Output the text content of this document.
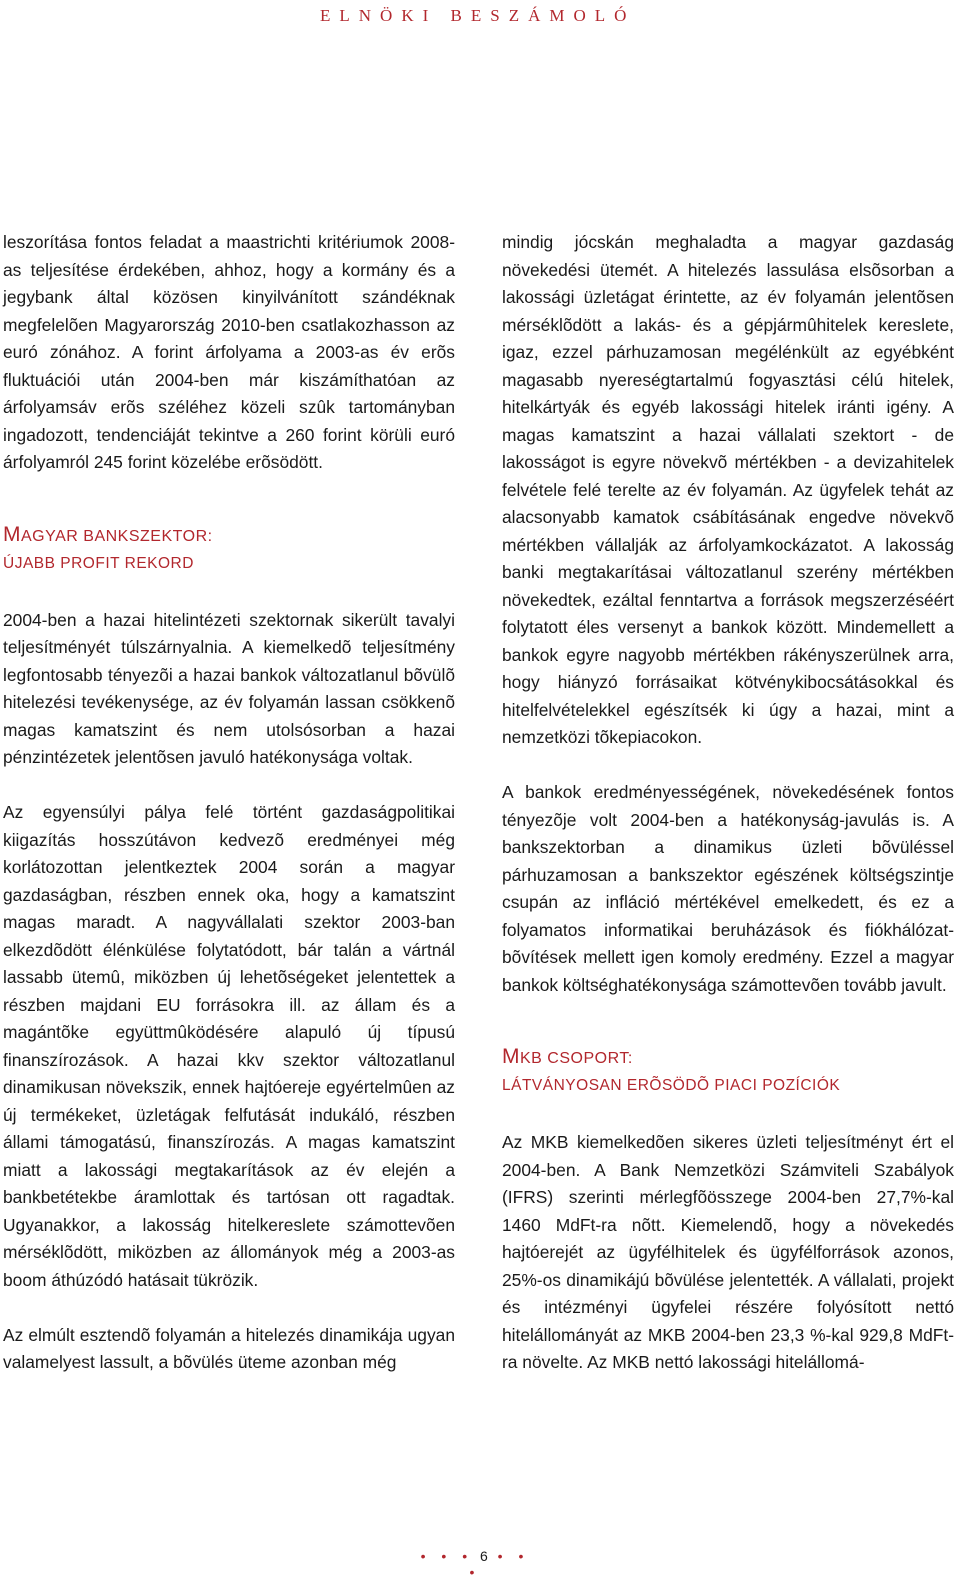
ELNÖKI BESZÁMOLÓ

leszorítása fontos feladat a maastrichti kritériumok 2008-as teljesítése érdekében, ahhoz, hogy a kormány és a jegybank által közösen kinyilvánított szándéknak megfelelõen Magyarország 2010-ben csatlakozhasson az euró zónához. A forint árfolyama a 2003-as év erõs fluktuációi után 2004-ben már kiszámíthatóan az árfolyamsáv erõs széléhez közeli szûk tartományban ingadozott, tendenciáját tekintve a 260 forint körüli euró árfolyamról 245 forint közelébe erõsödött.

MAGYAR BANKSZEKTOR:
ÚJABB PROFIT REKORD

2004-ben a hazai hitelintézeti szektornak sikerült tavalyi teljesítményét túlszárnyalnia. A kiemelkedõ teljesítmény legfontosabb tényezõi a hazai bankok változatlanul bõvülõ hitelezési tevékenysége, az év folyamán lassan csökkenõ magas kamatszint és nem utolsósorban a hazai pénzintézetek jelentõsen javuló hatékonysága voltak.

Az egyensúlyi pálya felé történt gazdaságpolitikai kiigazítás hosszútávon kedvezõ eredményei még korlátozottan jelentkeztek 2004 során a magyar gazdaságban, részben ennek oka, hogy a kamatszint magas maradt. A nagyvállalati szektor 2003-ban elkezdõdött élénkülése folytatódott, bár talán a vártnál lassabb ütemû, miközben új lehetõségeket jelentettek a részben majdani EU forrásokra ill. az állam és a magántõke együttmûködésére alapuló új típusú finanszírozások. A hazai kkv szektor változatlanul dinamikusan növekszik, ennek hajtóereje egyértelmûen az új termékeket, üzletágak felfutását indukáló, részben állami támogatású, finanszírozás. A magas kamatszint miatt a lakossági megtakarítások az év elején a bankbetétekbe áramlottak és tartósan ott ragadtak. Ugyanakkor, a lakosság hitelkereslete számottevõen mérséklõdött, miközben az állományok még a 2003-as boom áthúzódó hatásait tükrözik.

Az elmúlt esztendõ folyamán a hitelezés dinamikája ugyan valamelyest lassult, a bõvülés üteme azonban még

mindig jócskán meghaladta a magyar gazdaság növekedési ütemét. A hitelezés lassulása elsõsorban a lakossági üzletágat érintette, az év folyamán jelentõsen mérséklõdött a lakás- és a gépjármûhitelek kereslete, igaz, ezzel párhuzamosan megélénkült az egyébként magasabb nyereségtartalmú fogyasztási célú hitelek, hitelkártyák és egyéb lakossági hitelek iránti igény. A magas kamatszint a hazai vállalati szektort - de lakosságot is egyre növekvõ mértékben - a devizahitelek felvétele felé terelte az év folyamán. Az ügyfelek tehát az alacsonyabb kamatok csábításának engedve növekvõ mértékben vállalják az árfolyamkockázatot. A lakosság banki megtakarításai változatlanul szerény mértékben növekedtek, ezáltal fenntartva a források megszerzéséért folytatott éles versenyt a bankok között. Mindemellett a bankok egyre nagyobb mértékben rákényszerülnek arra, hogy hiányzó forrásaikat kötvénykibocsátásokkal és hitelfelvételekkel egészítsék ki úgy a hazai, mint a nemzetközi tõkepiacokon.

A bankok eredményességének, növekedésének fontos tényezõje volt 2004-ben a hatékonyság-javulás is. A bankszektorban a dinamikus üzleti bõvüléssel párhuzamosan a bankszektor egészének költségszintje csupán az infláció mértékével emelkedett, és ez a folyamatos informatikai beruházások és fiókhálózat-bõvítések mellett igen komoly eredmény. Ezzel a magyar bankok költséghatékonysága számottevõen tovább javult.

MKB CSOPORT:
LÁTVÁNYOSAN ERÕSÖDÕ PIACI POZÍCIÓK

Az MKB kiemelkedõen sikeres üzleti teljesítményt ért el 2004-ben. A Bank Nemzetközi Számviteli Szabályok (IFRS) szerinti mérlegfõösszege 2004-ben 27,7%-kal 1460 MdFt-ra nõtt. Kiemelendõ, hogy a növekedés hajtóerejét az ügyfélhitelek és ügyfélforrások azonos, 25%-os dinamikájú bõvülése jelentették. A vállalati, projekt és intézményi ügyfelei részére folyósított nettó hitelállományát az MKB 2004-ben 23,3 %-kal 929,8 MdFt-ra növelte. Az MKB nettó lakossági hitelállomá-

• • • 6 • • •
